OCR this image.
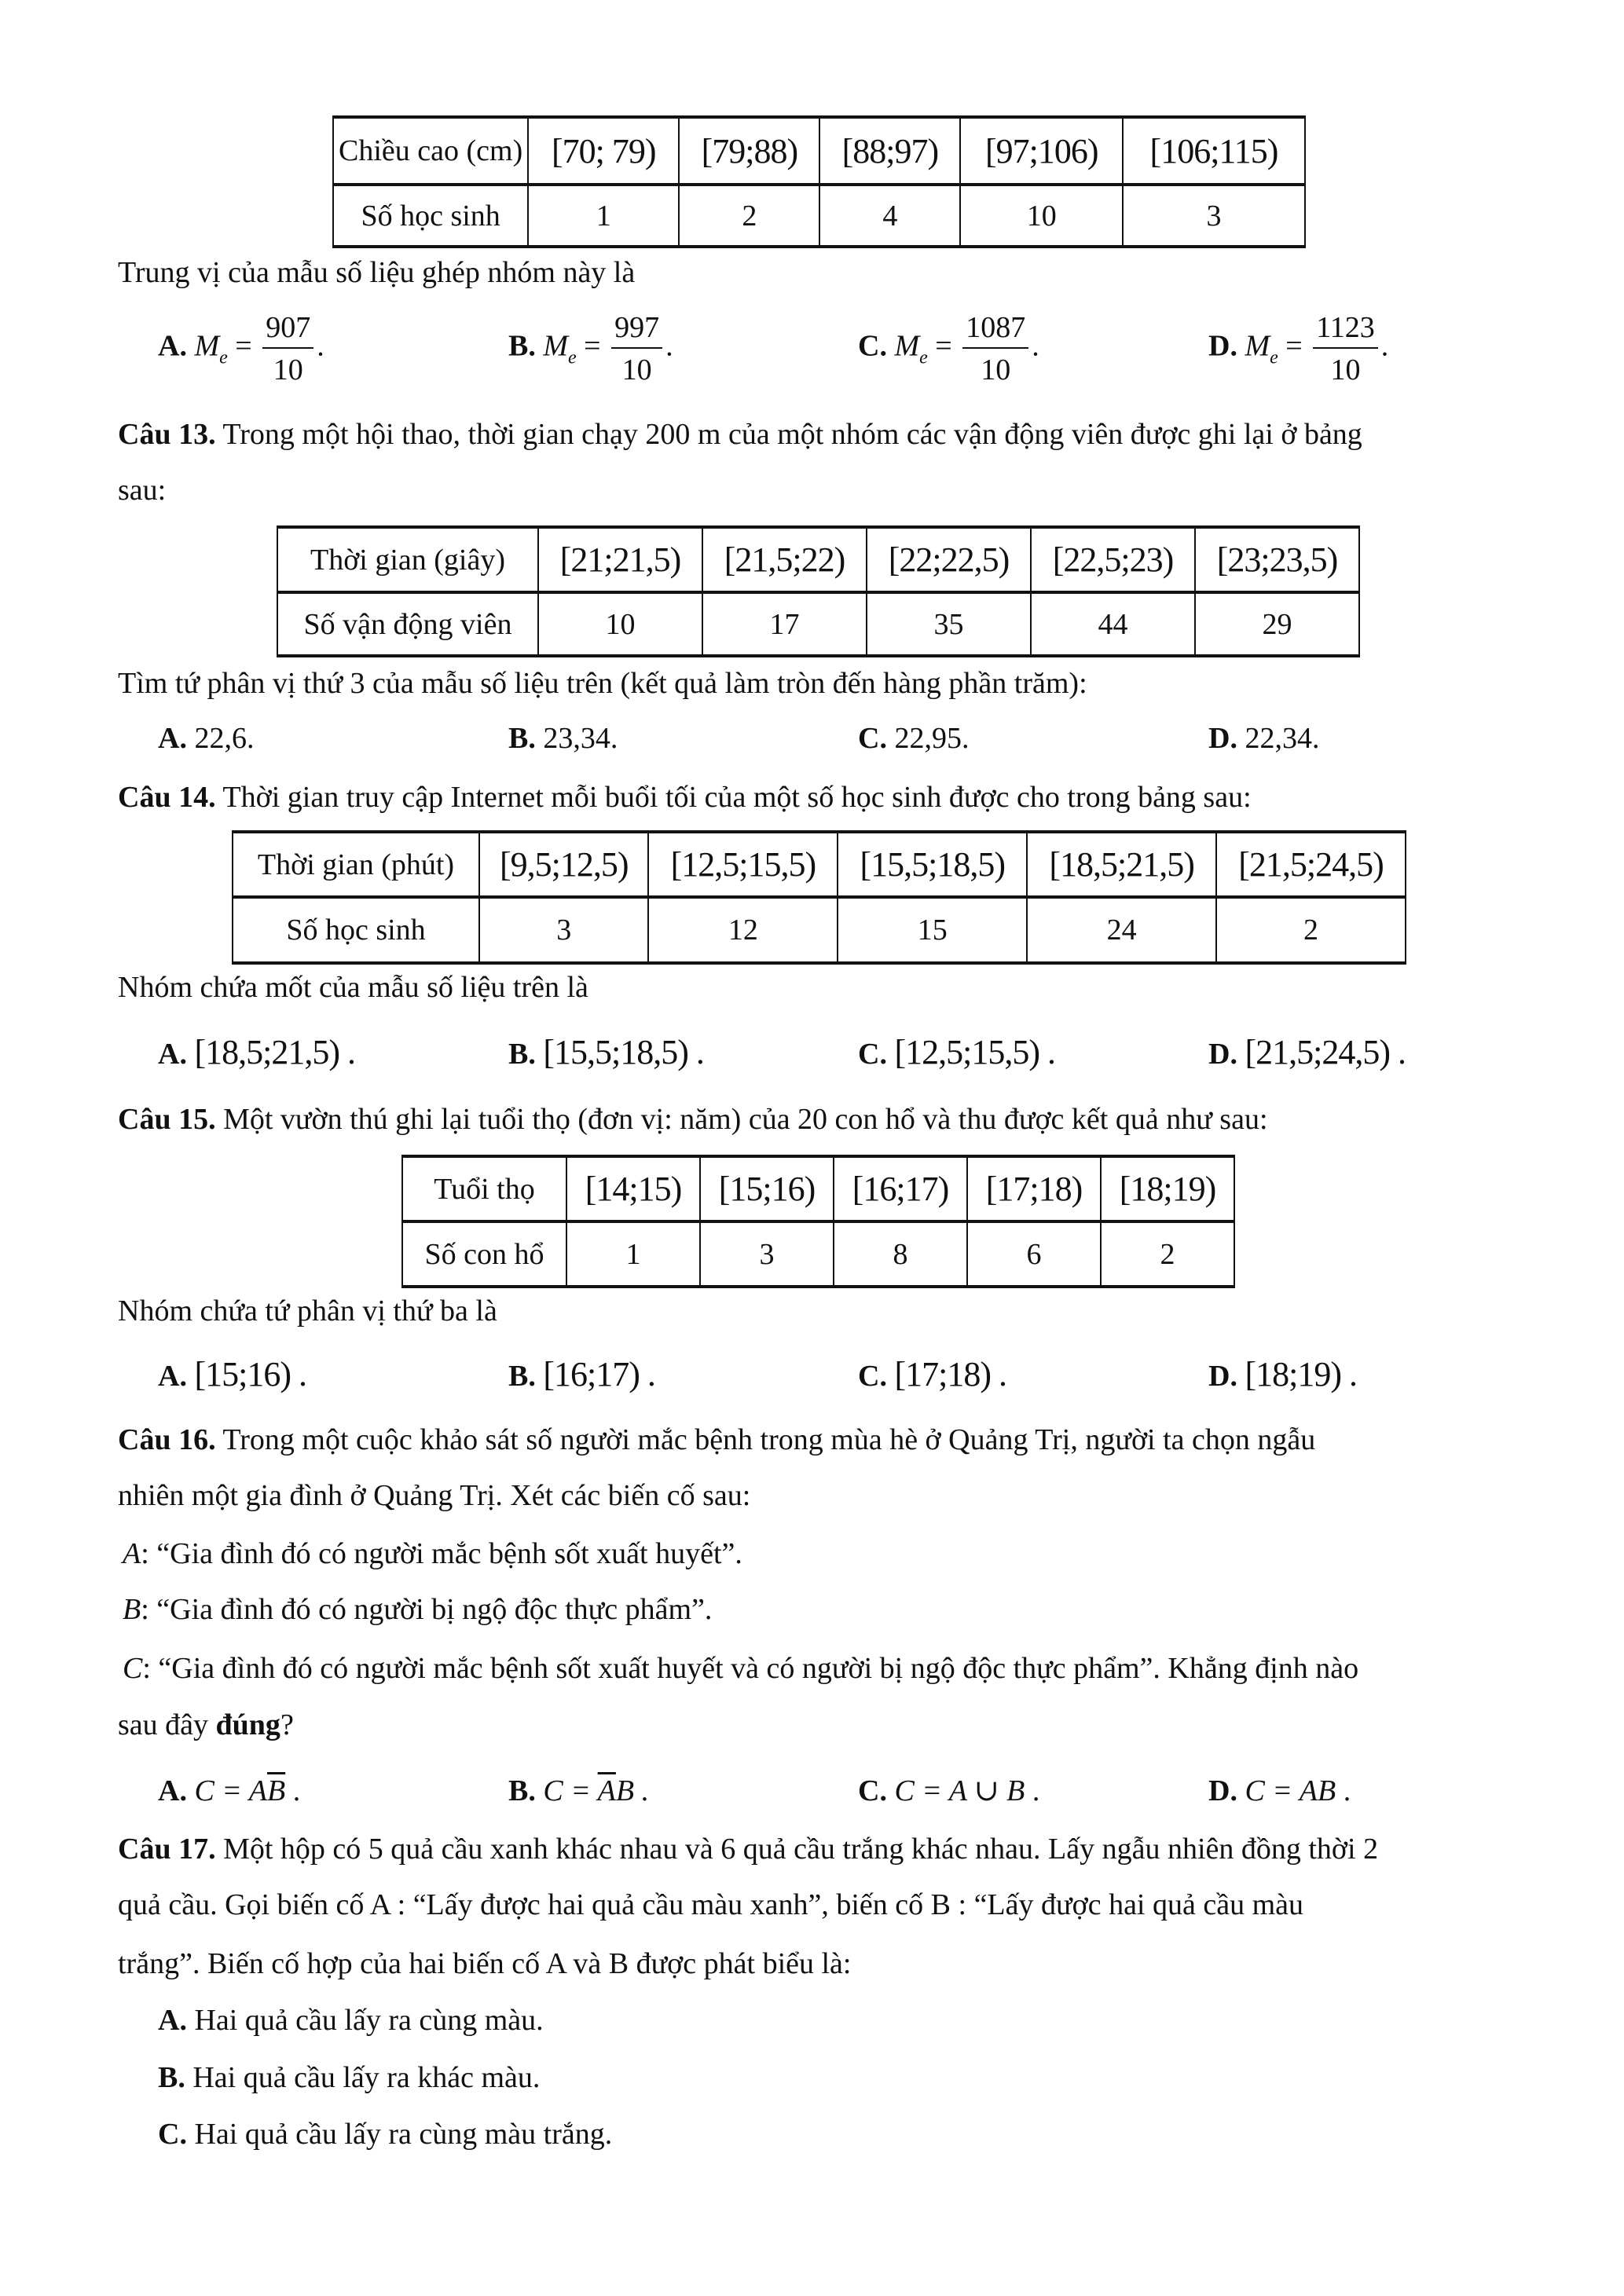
Chiều cao (cm)	[70; 79)	[79;88)	[88;97)	[97;106)	[106;115)
Số học sinh	1	2	4	10	3
Trung vị của mẫu số liệu ghép nhóm này là
A. $M_e = \frac{907}{10}$ .	B. $M_e = \frac{997}{10}$ .	C. $M_e = \frac{1087}{10}$ .	D. $M_e = \frac{1123}{10}$ .
Câu 13. Trong một hội thao, thời gian chạy 200 m của một nhóm các vận động viên được ghi lại ở bảng
sau:
Thời gian (giây)	[21;21,5)	[21,5;22)	[22;22,5)	[22,5;23)	[23;23,5)
Số vận động viên	10	17	35	44	29
Tìm tứ phân vị thứ 3 của mẫu số liệu trên (kết quả làm tròn đến hàng phần trăm):
A. 22,6.	B. 23,34.	C. 22,95.	D. 22,34.
Câu 14. Thời gian truy cập Internet mỗi buổi tối của một số học sinh được cho trong bảng sau:
Thời gian (phút)	[9,5;12,5)	[12,5;15,5)	[15,5;18,5)	[18,5;21,5)	[21,5;24,5)
Số học sinh	3	12	15	24	2
Nhóm chứa mốt của mẫu số liệu trên là
A. [18,5;21,5) .	B. [15,5;18,5) .	C. [12,5;15,5) .	D. [21,5;24,5) .
Câu 15. Một vườn thú ghi lại tuổi thọ (đơn vị: năm) của 20 con hổ và thu được kết quả như sau:
Tuổi thọ	[14;15)	[15;16)	[16;17)	[17;18)	[18;19)
Số con hổ	1	3	8	6	2
Nhóm chứa tứ phân vị thứ ba là
A. [15;16) .	B. [16;17) .	C. [17;18) .	D. [18;19) .
Câu 16. Trong một cuộc khảo sát số người mắc bệnh trong mùa hè ở Quảng Trị, người ta chọn ngẫu
nhiên một gia đình ở Quảng Trị. Xét các biến cố sau:
A: “Gia đình đó có người mắc bệnh sốt xuất huyết”.
B: “Gia đình đó có người bị ngộ độc thực phẩm”.
C: “Gia đình đó có người mắc bệnh sốt xuất huyết và có người bị ngộ độc thực phẩm”. Khẳng định nào
sau đây đúng?
A. $C = A\overline{B}$ .	B. $C = \overline{A}B$ .	C. C = A ∪ B .	D. C = AB .
Câu 17. Một hộp có 5 quả cầu xanh khác nhau và 6 quả cầu trắng khác nhau. Lấy ngẫu nhiên đồng thời 2
quả cầu. Gọi biến cố A : “Lấy được hai quả cầu màu xanh”, biến cố B : “Lấy được hai quả cầu màu
trắng”. Biến cố hợp của hai biến cố A và B được phát biểu là:
A. Hai quả cầu lấy ra cùng màu.
B. Hai quả cầu lấy ra khác màu.
C. Hai quả cầu lấy ra cùng màu trắng.
